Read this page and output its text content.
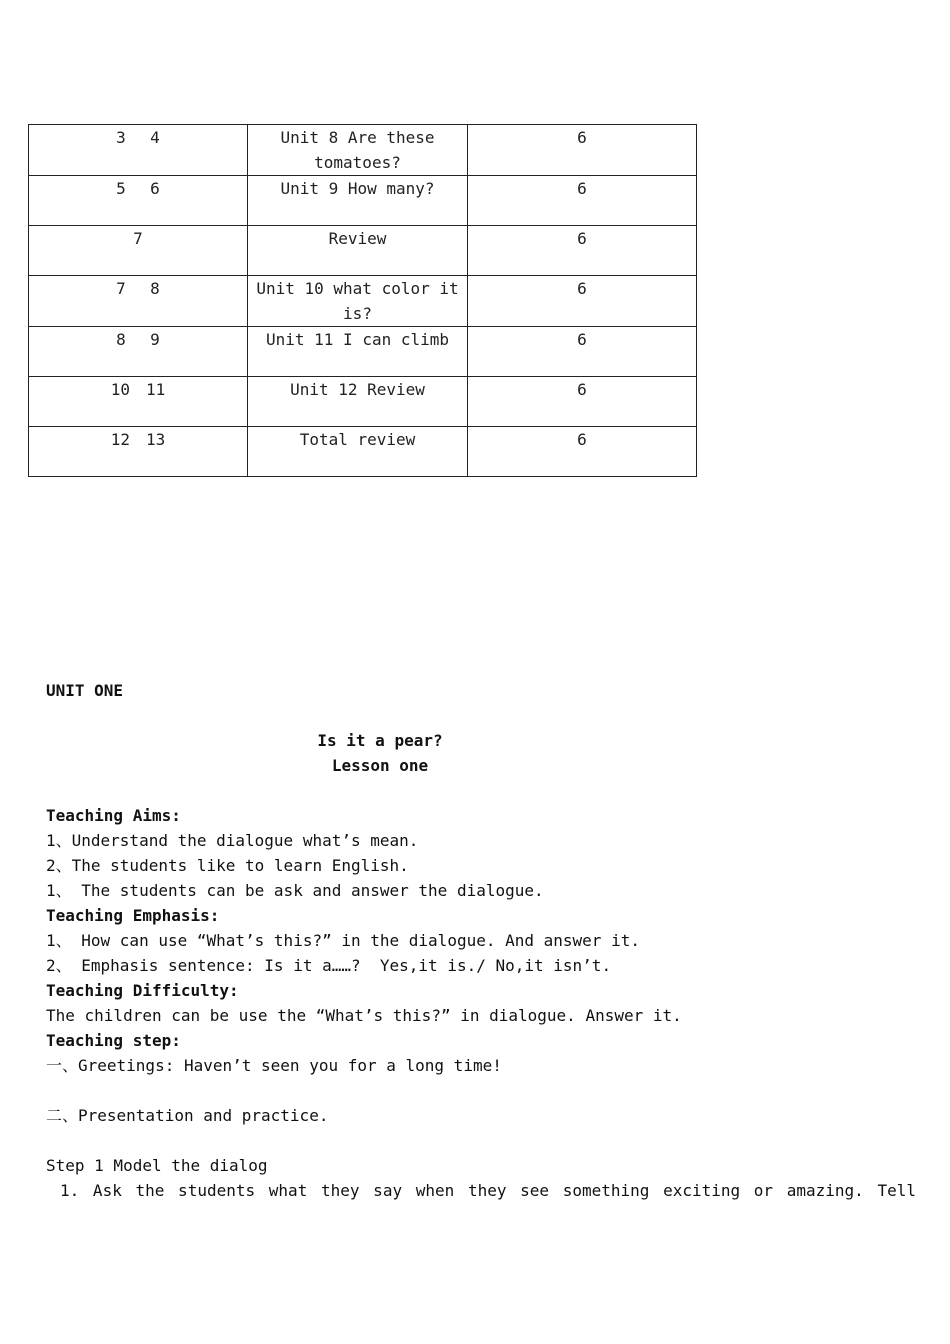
3 4	Unit 8 Are these tomatoes?	6
5 6	Unit 9 How many?	6
7	Review	6
7 8	Unit 10 what color it is?	6
8 9	Unit 11 I can climb	6
10 11	Unit 12 Review	6
12 13	Total review	6
UNIT ONE
Is it a pear?
Lesson one
Teaching Aims:
1、Understand the dialogue what’s mean.
2、The students like to learn English.
1、 The students can be ask and answer the dialogue.
Teaching Emphasis:
1、 How can use “What’s this?” in the dialogue. And answer it.
2、 Emphasis sentence: Is it a……?  Yes,it is./ No,it isn’t.
Teaching Difficulty:
The children can be use the “What’s this?” in dialogue. Answer it.
Teaching step:
一、Greetings: Haven’t seen you for a long time!
二、Presentation and practice.
Step 1 Model the dialog
1. Ask the students what they say when they see something exciting or amazing. Tell
